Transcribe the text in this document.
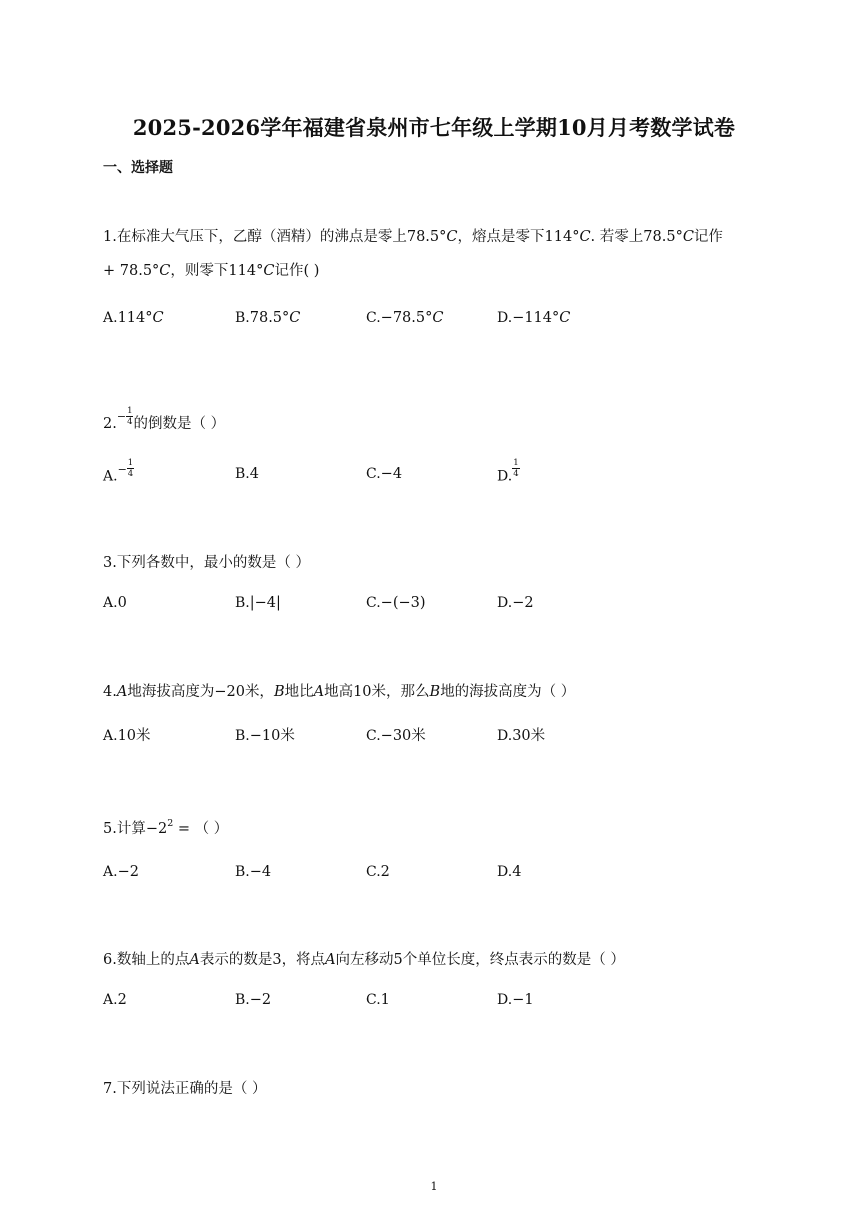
2025-2026学年福建省泉州市七年级上学期10月月考数学试卷
一、选择题
1.在标准大气压下，乙醇（酒精）的沸点是零上78.5°C，熔点是零下114°C. 若零上78.5°C记作
+ 78.5°C，则零下114°C记作( )
A.114°C	B.78.5°C	C.−78.5°C	D.−114°C
$2.^- \frac{1}{4}$ 的倒数是（ ）
$A.^- \frac{1}{4}$	B.4	C.−4	D. $\frac{1}{4}$
3.下列各数中，最小的数是（ ）
A.0	B.|−4|	C.−(−3)	D.−2
4.A地海拔高度为−20米，B地比A地高10米，那么B地的海拔高度为（ ）
A.10米	B.−10米	C.−30米	D.30米
5.计算$-2^2$ = （ ）
A.−2	B.−4	C.2	D.4
6.数轴上的点A表示的数是3，将点A向左移动5个单位长度，终点表示的数是（ ）
A.2	B.−2	C.1	D.−1
7.下列说法正确的是（ ）
1
